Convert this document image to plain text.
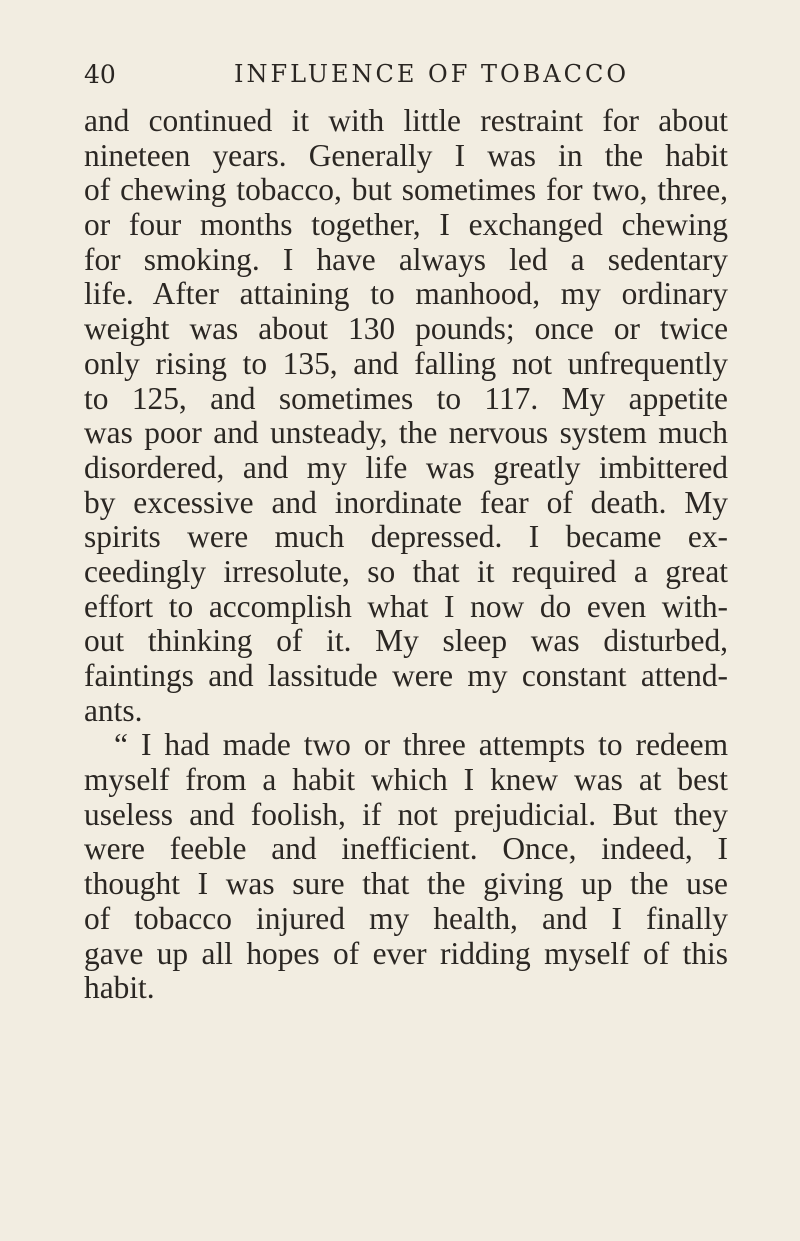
40	INFLUENCE OF TOBACCO
and continued it with little restraint for about
nineteen years. Generally I was in the habit
of chewing tobacco, but sometimes for two, three,
or four months together, I exchanged chewing
for smoking. I have always led a sedentary
life. After attaining to manhood, my ordinary
weight was about 130 pounds; once or twice
only rising to 135, and falling not unfrequently
to 125, and sometimes to 117. My appetite
was poor and unsteady, the nervous system much
disordered, and my life was greatly imbittered
by excessive and inordinate fear of death. My
spirits were much depressed. I became ex-
ceedingly irresolute, so that it required a great
effort to accomplish what I now do even with-
out thinking of it. My sleep was disturbed,
faintings and lassitude were my constant attend-
ants.
“ I had made two or three attempts to redeem
myself from a habit which I knew was at best
useless and foolish, if not prejudicial. But they
were feeble and inefficient. Once, indeed, I
thought I was sure that the giving up the use
of tobacco injured my health, and I finally
gave up all hopes of ever ridding myself of this
habit.
